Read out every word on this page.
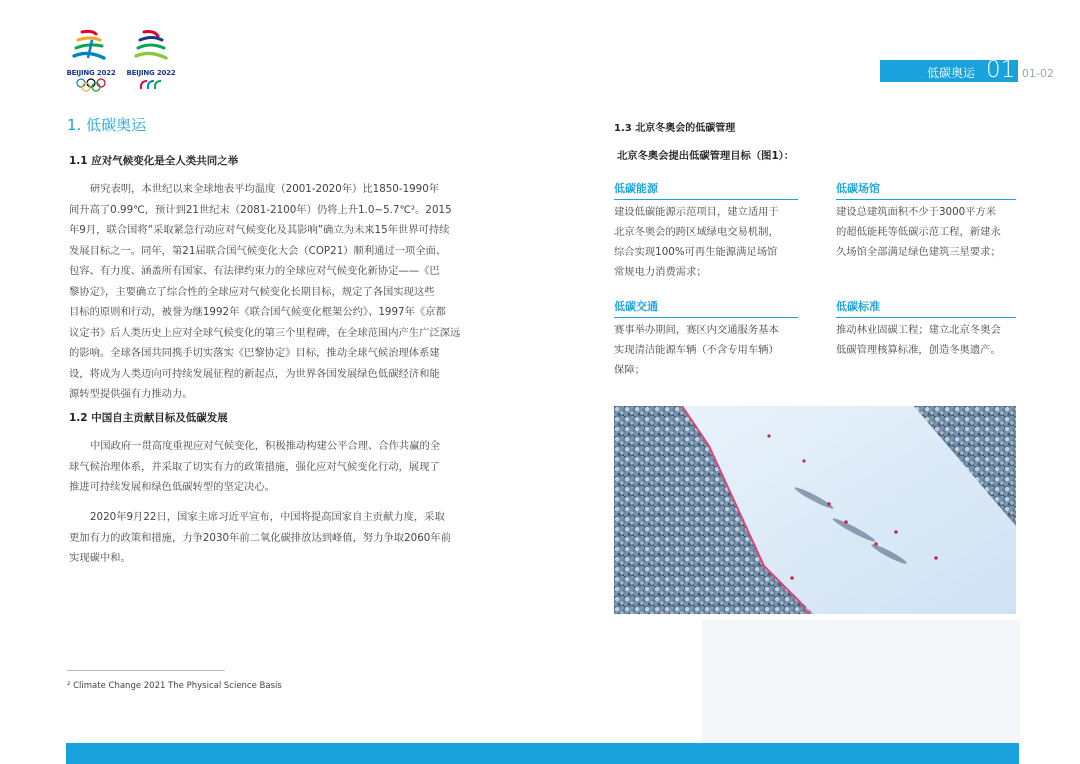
BEIJING 2022	BEIJING 2022	低碳奥运 01 01-02
1. 低碳奥运
1.1 应对气候变化是全人类共同之举
研究表明，本世纪以来全球地表平均温度（2001-2020年）比1850-1990年
间升高了0.99℃，预计到21世纪末（2081-2100年）仍将上升1.0~5.7℃²。2015
年9月，联合国将“采取紧急行动应对气候变化及其影响”确立为未来15年世界可持续
发展目标之一。同年，第21届联合国气候变化大会（COP21）顺利通过一项全面、
包容、有力度、涵盖所有国家、有法律约束力的全球应对气候变化新协定——《巴
黎协定》，主要确立了综合性的全球应对气候变化长期目标，规定了各国实现这些
目标的原则和行动，被誉为继1992年《联合国气候变化框架公约》、1997年《京都
议定书》后人类历史上应对全球气候变化的第三个里程碑，在全球范围内产生广泛深远
的影响。全球各国共同携手切实落实《巴黎协定》目标，推动全球气候治理体系建
设，将成为人类迈向可持续发展征程的新起点，为世界各国发展绿色低碳经济和能
源转型提供强有力推动力。
1.2 中国自主贡献目标及低碳发展
中国政府一贯高度重视应对气候变化，积极推动构建公平合理、合作共赢的全
球气候治理体系，并采取了切实有力的政策措施，强化应对气候变化行动，展现了
推进可持续发展和绿色低碳转型的坚定决心。
2020年9月22日，国家主席习近平宣布，中国将提高国家自主贡献力度，采取
更加有力的政策和措施，力争2030年前二氧化碳排放达到峰值，努力争取2060年前
实现碳中和。
² Climate Change 2021 The Physical Science Basis
1.3 北京冬奥会的低碳管理
北京冬奥会提出低碳管理目标（图1）：
低碳能源
建设低碳能源示范项目，建立适用于
北京冬奥会的跨区域绿电交易机制，
综合实现100%可再生能源满足场馆
常规电力消费需求；
低碳场馆
建设总建筑面积不少于3000平方米
的超低能耗等低碳示范工程，新建永
久场馆全部满足绿色建筑三星要求；
低碳交通
赛事举办期间，赛区内交通服务基本
实现清洁能源车辆（不含专用车辆）
保障；
低碳标准
推动林业固碳工程；建立北京冬奥会
低碳管理核算标准，创造冬奥遗产。
